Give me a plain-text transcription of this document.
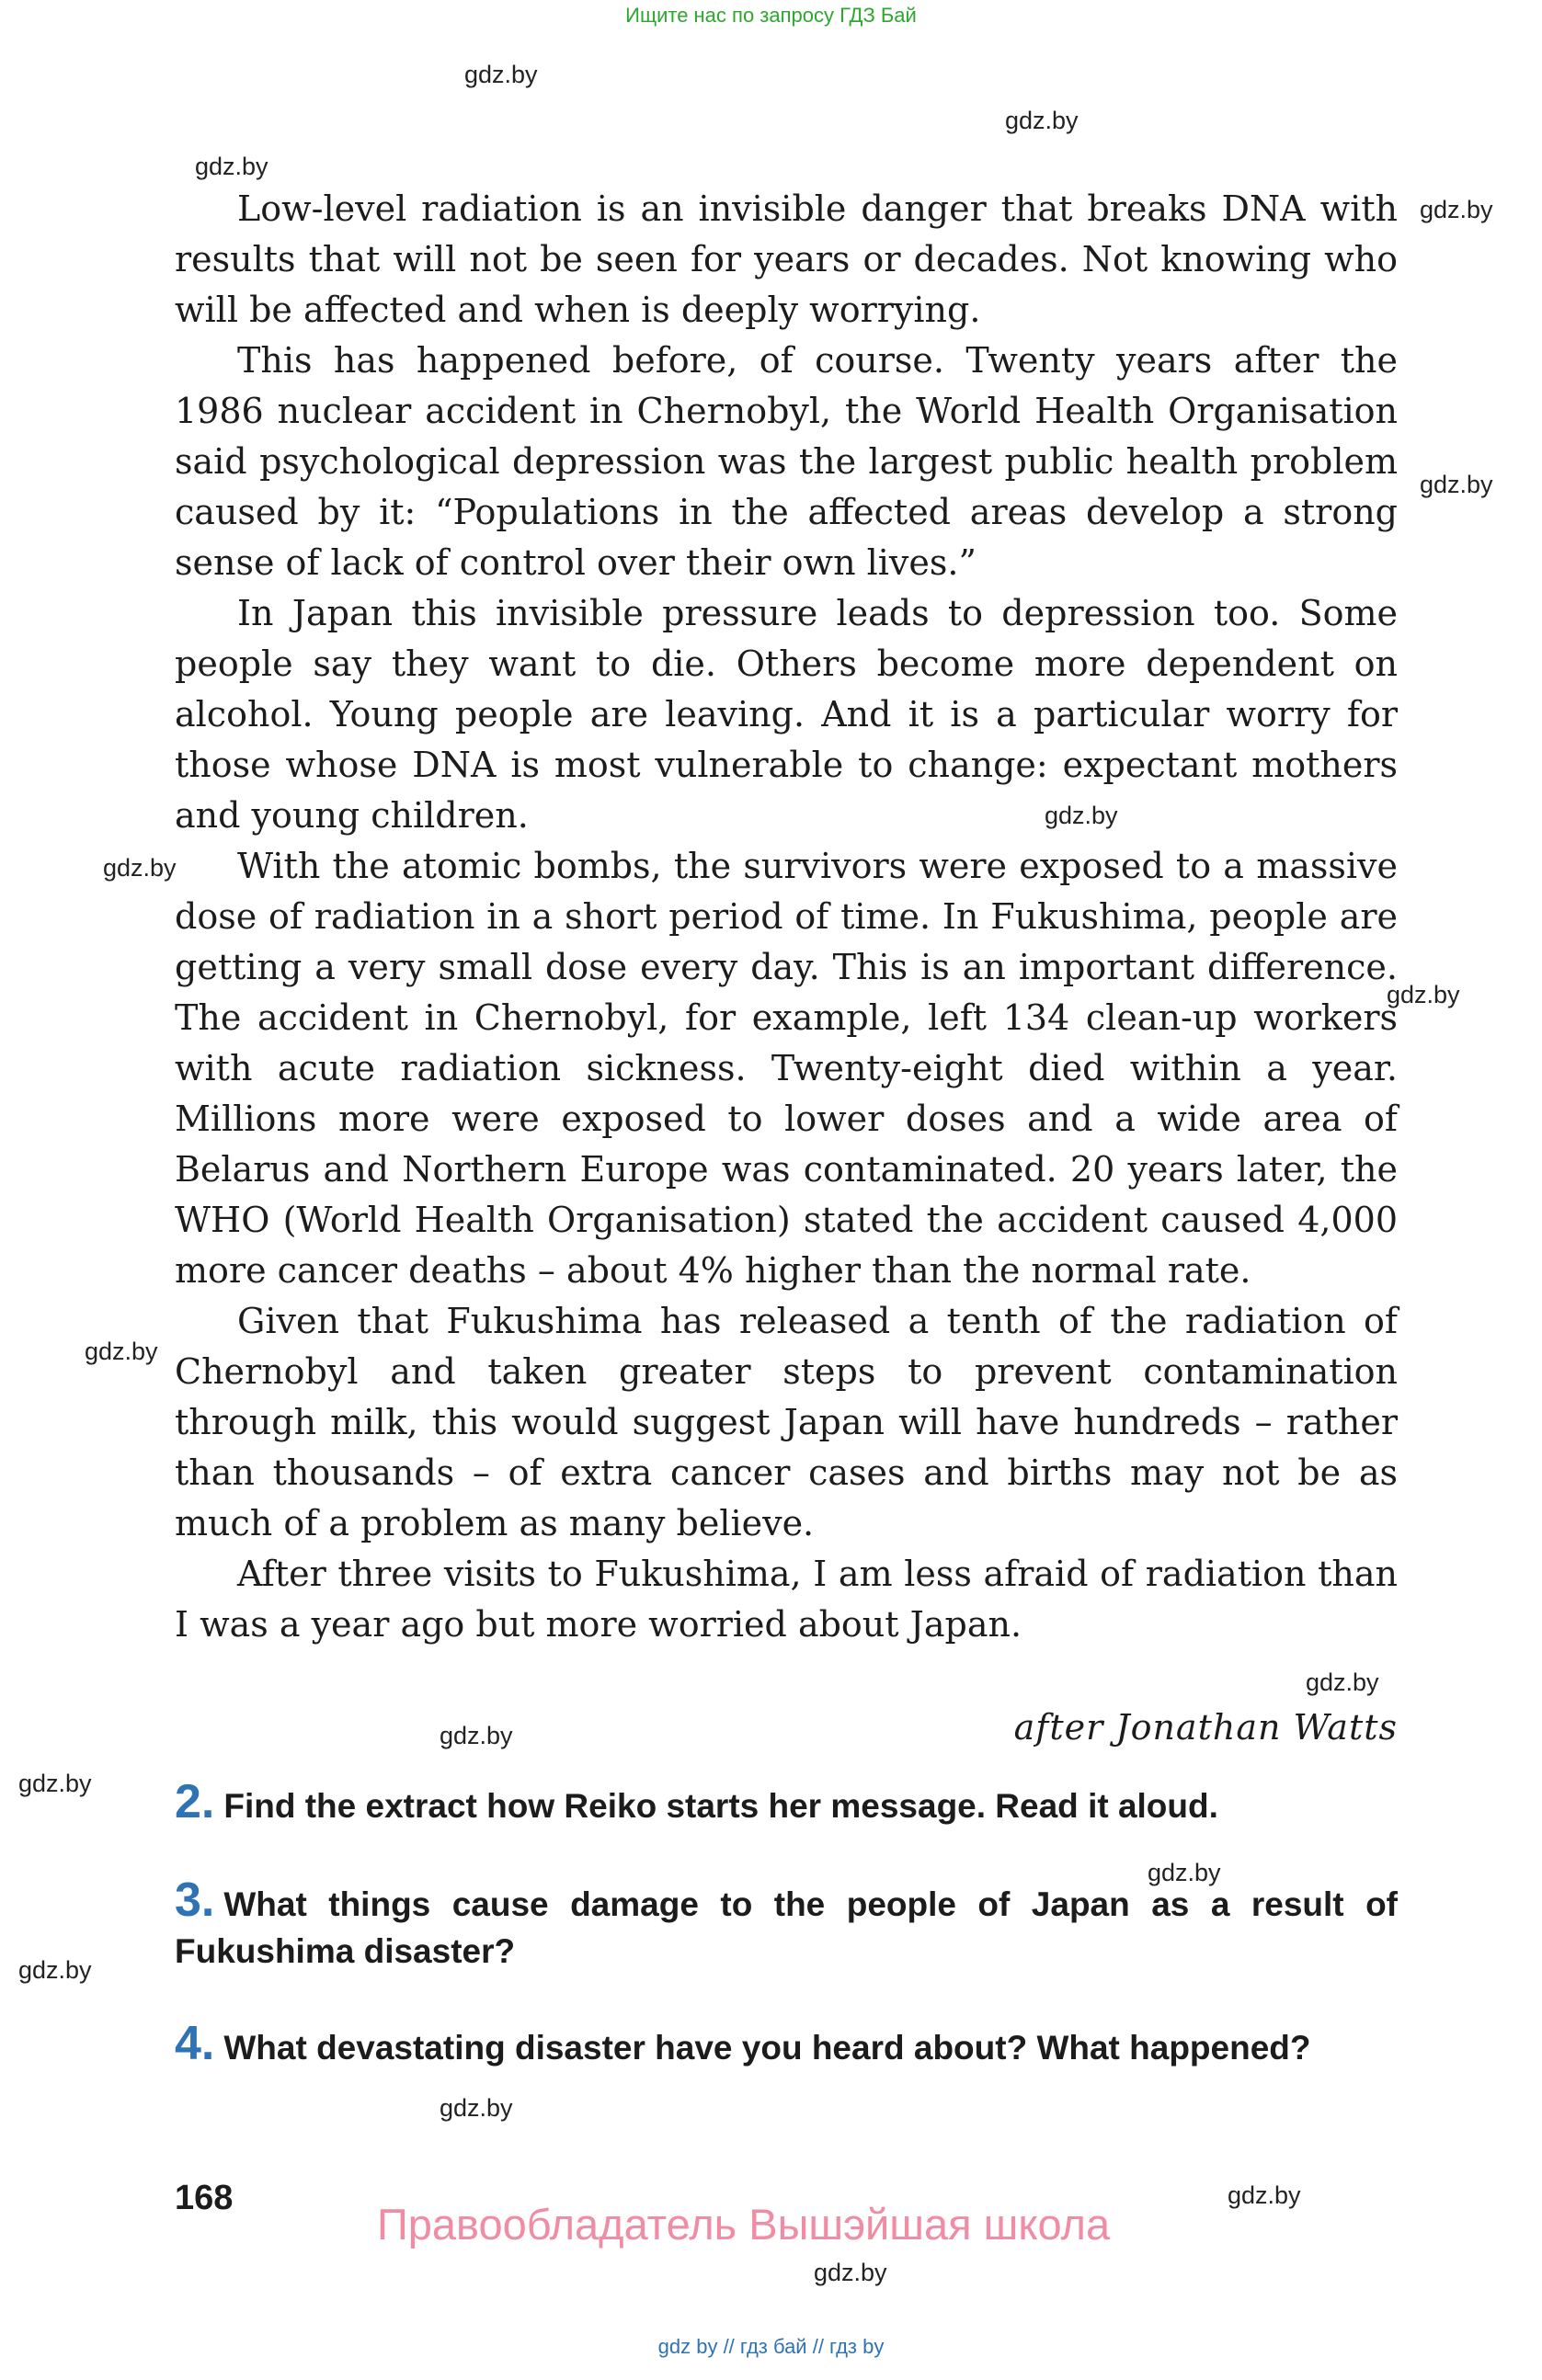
Ищите нас по запросу ГДЗ Бай
gdz.by
gdz.by
gdz.by
gdz.by
gdz.by
gdz.by
gdz.by
gdz.by
gdz.by
gdz.by
gdz.by
gdz.by
gdz.by
gdz.by
gdz.by
gdz.by
gdz.by

Low-level radiation is an invisible danger that breaks DNA with results that will not be seen for years or decades. Not knowing who will be affected and when is deeply worrying.

This has happened before, of course. Twenty years after the 1986 nuclear accident in Chernobyl, the World Health Organisation said psychological depression was the largest public health problem caused by it: “Populations in the affected areas develop a strong sense of lack of control over their own lives.”

In Japan this invisible pressure leads to depression too. Some people say they want to die. Others become more dependent on alcohol. Young people are leaving. And it is a particular worry for those whose DNA is most vulnerable to change: expectant mothers and young children.

With the atomic bombs, the survivors were exposed to a massive dose of radiation in a short period of time. In Fukushima, people are getting a very small dose every day. This is an important difference. The accident in Chernobyl, for example, left 134 clean-up workers with acute radiation sickness. Twenty-eight died within a year. Millions more were exposed to lower doses and a wide area of Belarus and Northern Europe was contaminated. 20 years later, the WHO (World Health Organisation) stated the accident caused 4,000 more cancer deaths – about 4% higher than the normal rate.

Given that Fukushima has released a tenth of the radiation of Chernobyl and taken greater steps to prevent contamination through milk, this would suggest Japan will have hundreds – rather than thousands – of extra cancer cases and births may not be as much of a problem as many believe.

After three visits to Fukushima, I am less afraid of radiation than I was a year ago but more worried about Japan.

after Jonathan Watts
2. Find the extract how Reiko starts her message. Read it aloud.
3. What things cause damage to the people of Japan as a result of Fukushima disaster?
4. What devastating disaster have you heard about? What happened?
168
Правообладатель Вышэйшая школа
gdz by // гдз бай // гдз by
